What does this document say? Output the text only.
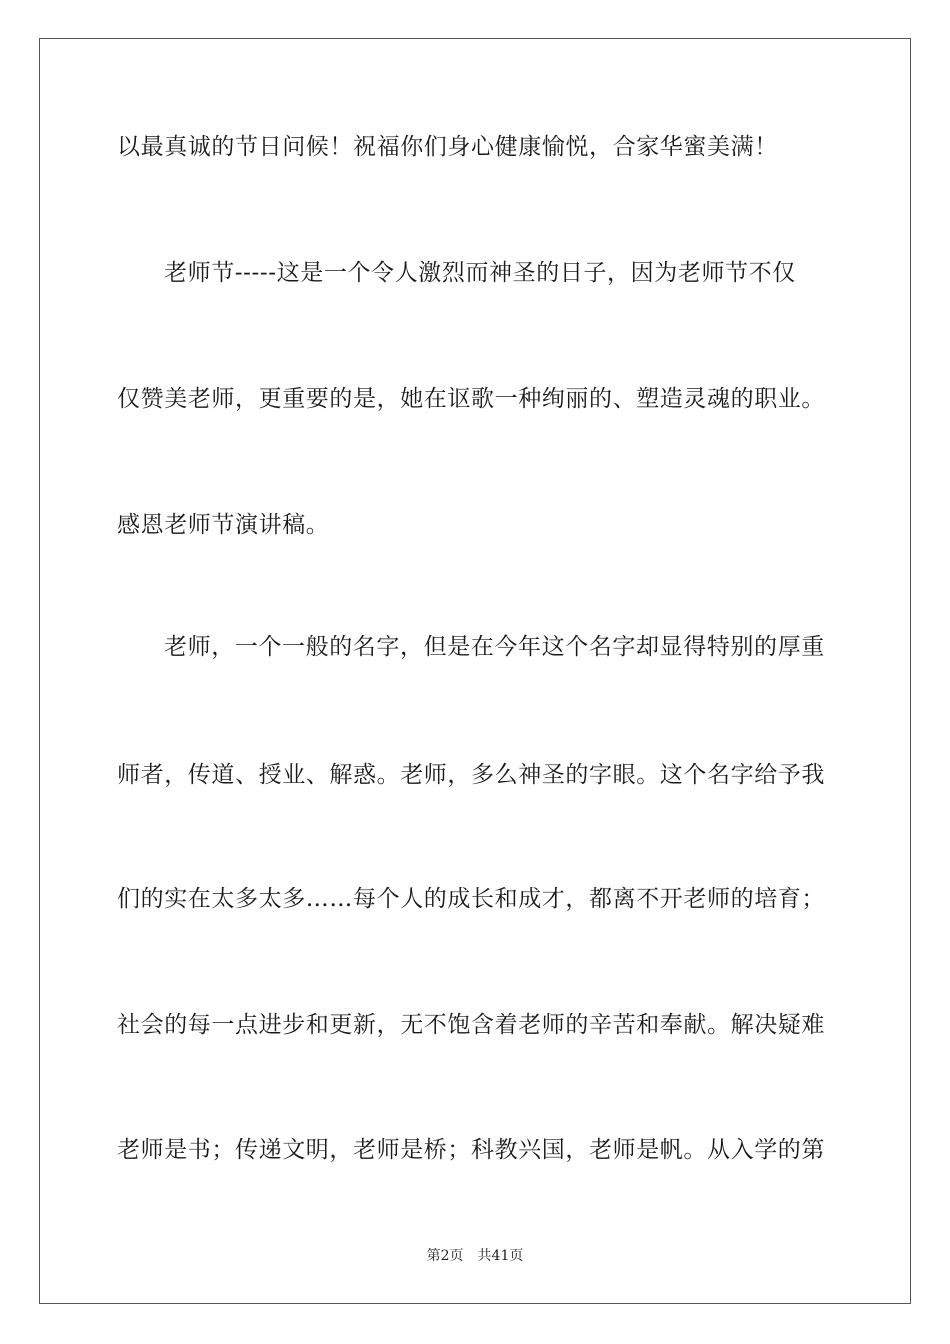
以最真诚的节日问候！祝福你们身心健康愉悦，合家华蜜美满！
老师节-----这是一个令人激烈而神圣的日子，因为老师节不仅
仅赞美老师，更重要的是，她在讴歌一种绚丽的、塑造灵魂的职业。
感恩老师节演讲稿。
老师，一个一般的名字，但是在今年这个名字却显得特别的厚重
师者，传道、授业、解惑。老师，多么神圣的字眼。这个名字给予我
们的实在太多太多……每个人的成长和成才，都离不开老师的培育；
社会的每一点进步和更新，无不饱含着老师的辛苦和奉献。解决疑难
老师是书；传递文明，老师是桥；科教兴国，老师是帆。从入学的第
第2页 共41页
